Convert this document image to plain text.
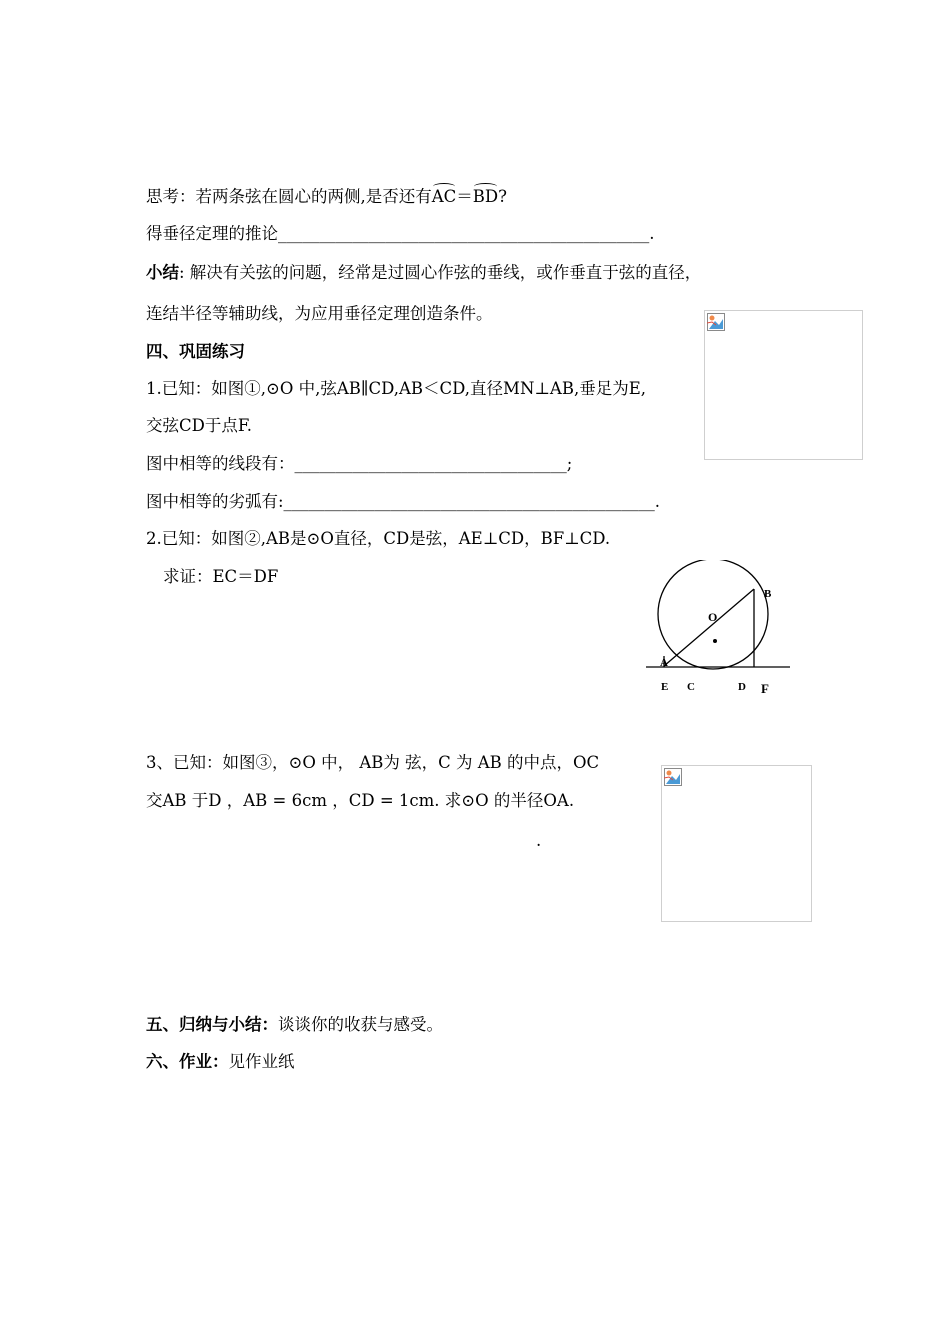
思考：若两条弦在圆心的两侧,是否还有AC＝BD?
得垂径定理的推论_____________________________________________.
小结: 解决有关弦的问题，经常是过圆心作弦的垂线，或作垂直于弦的直径，
连结半径等辅助线，为应用垂径定理创造条件。
四、巩固练习
1.已知：如图①,⊙O 中,弦AB∥CD,AB＜CD,直径MN⊥AB,垂足为E,
交弦CD于点F.
图中相等的线段有：_________________________________;
图中相等的劣弧有:_____________________________________________.
2.已知：如图②,AB是⊙O直径，CD是弦，AE⊥CD，BF⊥CD.
求证：EC＝DF
O
B
A
E C	D F
3、已知：如图③，⊙O 中， AB为 弦，C 为 AB 的中点，OC
交AB 于D ，AB = 6cm ，CD = 1cm. 求⊙O 的半径OA.
.
五、归纳与小结：谈谈你的收获与感受。
六、作业：见作业纸
